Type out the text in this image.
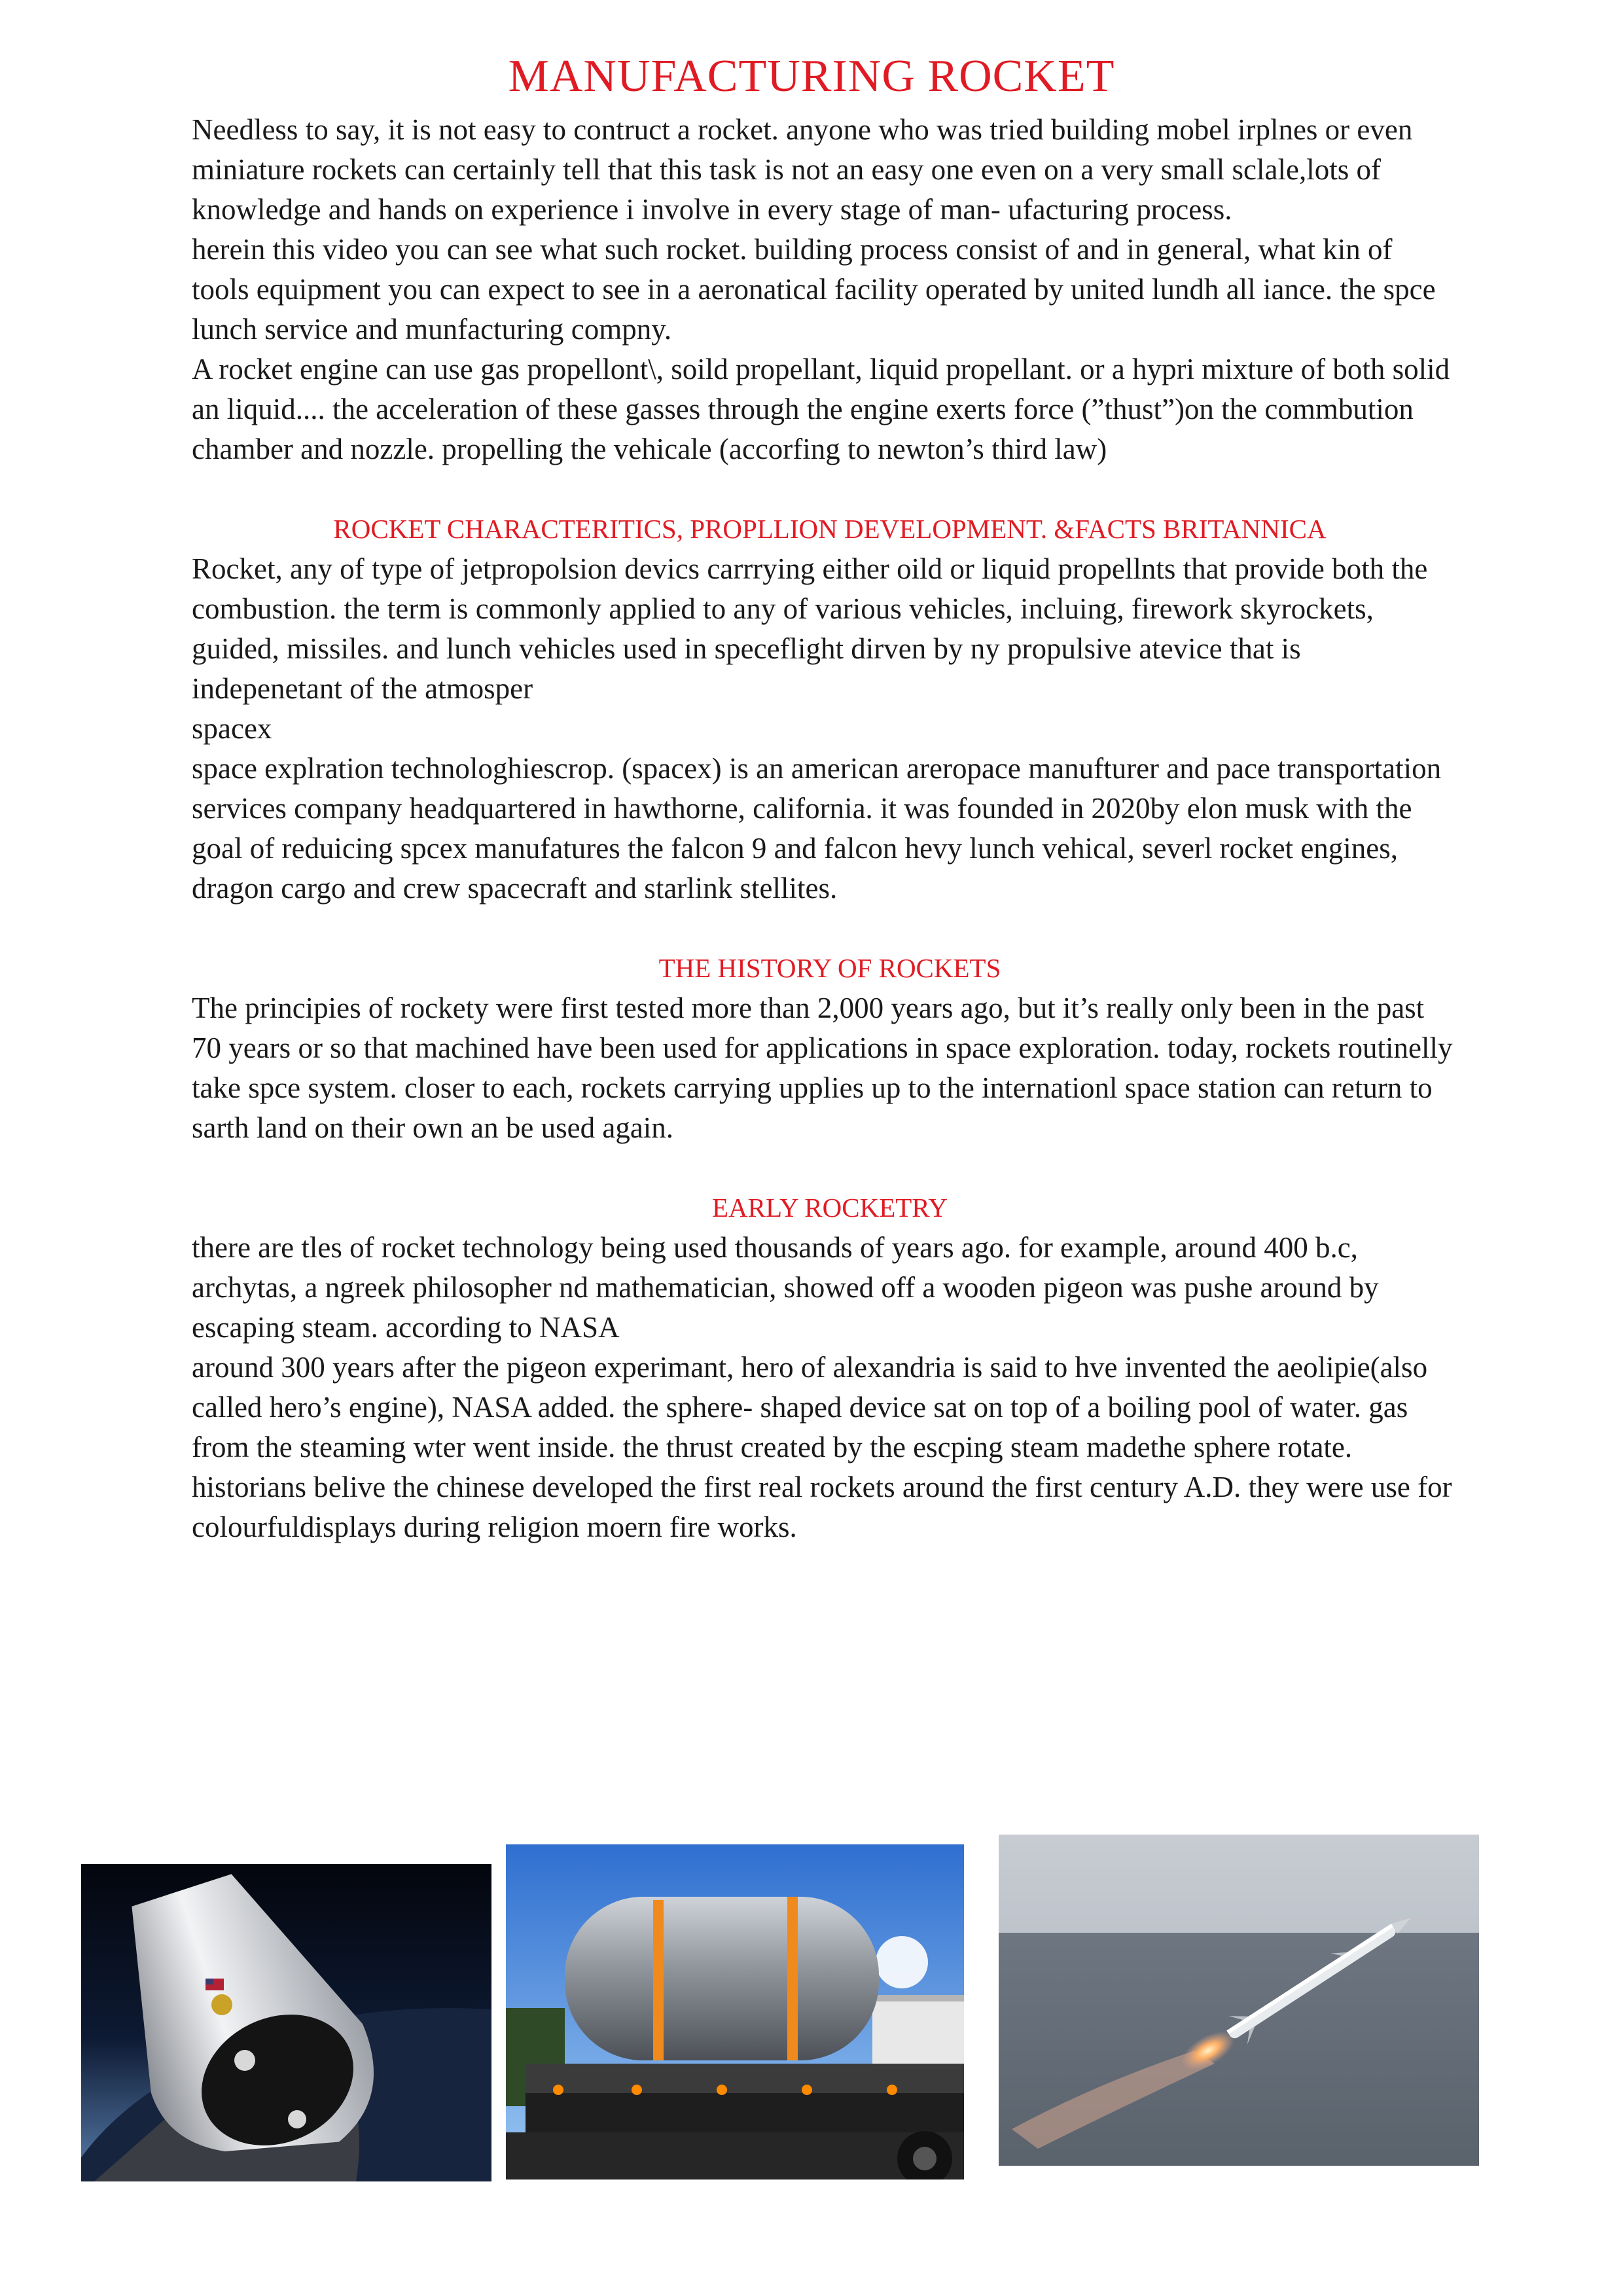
MANUFACTURING ROCKET

Needless to say, it is not easy to contruct a rocket. anyone who was tried building mobel irplnes or even miniature rockets can certainly tell that this task is not an easy one even on a very small sclale,lots of knowledge and hands on experience i involve in every stage of man- ufacturing process.

herein this video you can see what such rocket. building process consist of and in general, what kin of tools equipment you can expect to see in a aeronatical facility operated by united lundh all iance. the spce lunch service and munfacturing compny.

A rocket engine can use gas propellont\, soild propellant, liquid propellant. or a hypri mixture of both solid an liquid.... the acceleration of these gasses through the engine exerts force (”thust”)on the commbution chamber and nozzle. propelling the vehicale (accorfing to newton’s third law)

ROCKET CHARACTERITICS, PROPLLION DEVELOPMENT. &FACTS BRITANNICA

Rocket, any of type of jetpropolsion devics carrrying either oild or liquid propellnts that provide both the combustion. the term is commonly applied to any of various vehicles, incluing, firework skyrockets, guided, missiles. and lunch vehicles used in speceflight dirven by ny propulsive atevice that is indepenetant of the atmosper

spacex

space explration technologhiescrop. (spacex) is an american areropace manufturer and pace transportation services company headquartered in hawthorne, california. it was founded in 2020by elon musk with the goal of reduicing spcex manufatures the falcon 9 and falcon hevy lunch vehical, severl rocket engines, dragon cargo and crew spacecraft and starlink stellites.

THE HISTORY OF ROCKETS

The principies of rockety were first tested more than 2,000 years ago, but it’s really only been in the past 70 years or so that machined have been used for applications in space exploration. today, rockets routinelly take spce system. closer to each, rockets carrying upplies up to the internationl space station can return to sarth land on their own an be used again.

EARLY ROCKETRY

there are tles of rocket technology being used thousands of years ago. for example, around 400 b.c, archytas, a ngreek philosopher nd mathematician, showed off a wooden pigeon was pushe around by escaping steam. according to NASA

around 300 years after the pigeon experimant, hero of alexandria is said to hve invented the aeolipie(also called hero’s engine), NASA added. the sphere- shaped device sat on top of a boiling pool of water. gas from the steaming wter went inside. the thrust created by the escping steam madethe sphere rotate. historians belive the chinese developed the first real rockets around the first century A.D. they were use for colourfuldisplays during religion moern fire works.
